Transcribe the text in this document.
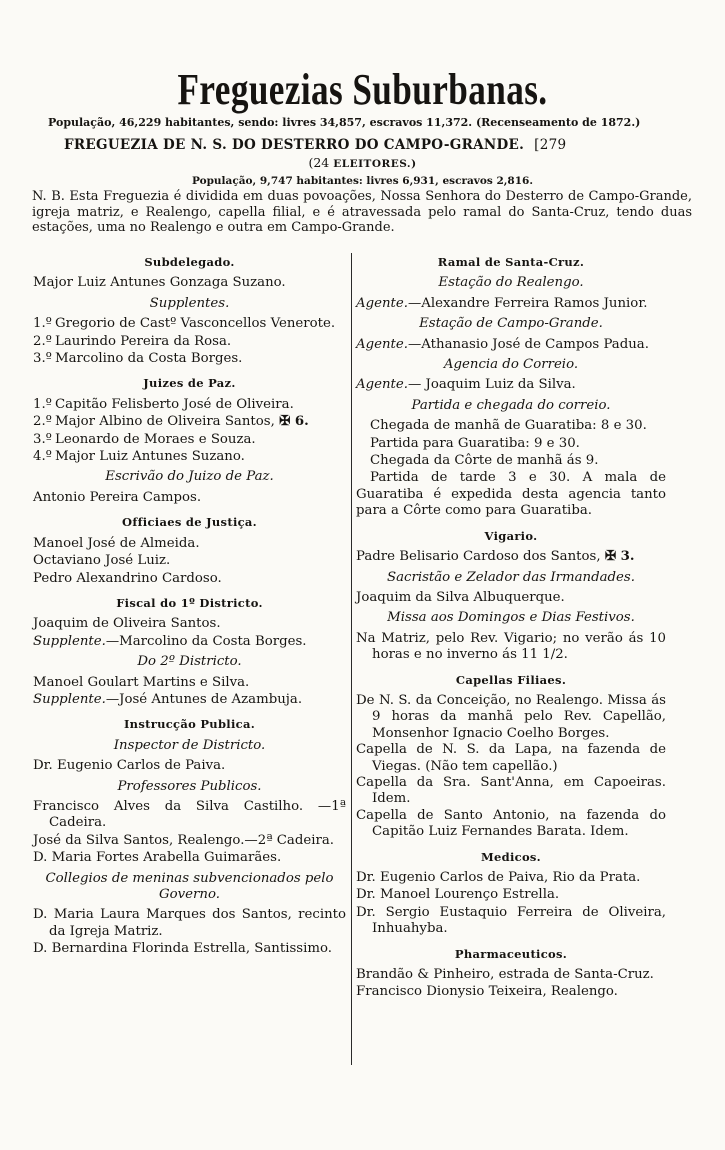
Freguezias Suburbanas.
População, 46,229 habitantes, sendo: livres 34,857, escravos 11,372. (Recenseamento de 1872.)
FREGUEZIA DE N. S. DO DESTERRO DO CAMPO-GRANDE. [279
(24 ELEITORES.)
População, 9,747 habitantes: livres 6,931, escravos 2,816.
N. B. Esta Freguezia é dividida em duas povoações, Nossa Senhora do Desterro de Campo-Grande, igreja matriz, e Realengo, capella filial, e é atravessada pelo ramal do Santa-Cruz, tendo duas estações, uma no Realengo e outra em Campo-Grande.
Subdelegado.
Major Luiz Antunes Gonzaga Suzano.
Supplentes.
1.º Gregorio de Castº Vasconcellos Venerote.
2.º Laurindo Pereira da Rosa.
3.º Marcolino da Costa Borges.
Juizes de Paz.
1.º Capitão Felisberto José de Oliveira.
2.º Major Albino de Oliveira Santos, ✠ 6.
3.º Leonardo de Moraes e Souza.
4.º Major Luiz Antunes Suzano.
Escrivão do Juizo de Paz.
Antonio Pereira Campos.
Officiaes de Justiça.
Manoel José de Almeida.
Octaviano José Luiz.
Pedro Alexandrino Cardoso.
Fiscal do 1º Districto.
Joaquim de Oliveira Santos.
Supplente.—Marcolino da Costa Borges.
Do 2º Districto.
Manoel Goulart Martins e Silva.
Supplente.—José Antunes de Azambuja.
Instrucção Publica.
Inspector de Districto.
Dr. Eugenio Carlos de Paiva.
Professores Publicos.
Francisco Alves da Silva Castilho. —1ª Cadeira.
José da Silva Santos, Realengo.—2ª Cadeira.
D. Maria Fortes Arabella Guimarães.
Collegios de meninas subvencionados pelo Governo.
D. Maria Laura Marques dos Santos, recinto da Igreja Matriz.
D. Bernardina Florinda Estrella, Santissimo.
Ramal de Santa-Cruz.
Estação do Realengo.
Agente.—Alexandre Ferreira Ramos Junior.
Estação de Campo-Grande.
Agente.—Athanasio José de Campos Padua.
Agencia do Correio.
Agente.— Joaquim Luiz da Silva.
Partida e chegada do correio.
Chegada de manhã de Guaratiba: 8 e 30.
Partida para Guaratiba: 9 e 30.
Chegada da Côrte de manhã ás 9.
Partida de tarde 3 e 30. A mala de Guaratiba é expedida desta agencia tanto para a Côrte como para Guaratiba.
Vigario.
Padre Belisario Cardoso dos Santos, ✠ 3.
Sacristão e Zelador das Irmandades.
Joaquim da Silva Albuquerque.
Missa aos Domingos e Dias Festivos.
Na Matriz, pelo Rev. Vigario; no verão ás 10 horas e no inverno ás 11 1/2.
Capellas Filiaes.
De N. S. da Conceição, no Realengo. Missa ás 9 horas da manhã pelo Rev. Capellão, Monsenhor Ignacio Coelho Borges.
Capella de N. S. da Lapa, na fazenda de Viegas. (Não tem capellão.)
Capella da Sra. Sant'Anna, em Capoeiras. Idem.
Capella de Santo Antonio, na fazenda do Capitão Luiz Fernandes Barata. Idem.
Medicos.
Dr. Eugenio Carlos de Paiva, Rio da Prata.
Dr. Manoel Lourenço Estrella.
Dr. Sergio Eustaquio Ferreira de Oliveira, Inhuahyba.
Pharmaceuticos.
Brandão & Pinheiro, estrada de Santa-Cruz.
Francisco Dionysio Teixeira, Realengo.
